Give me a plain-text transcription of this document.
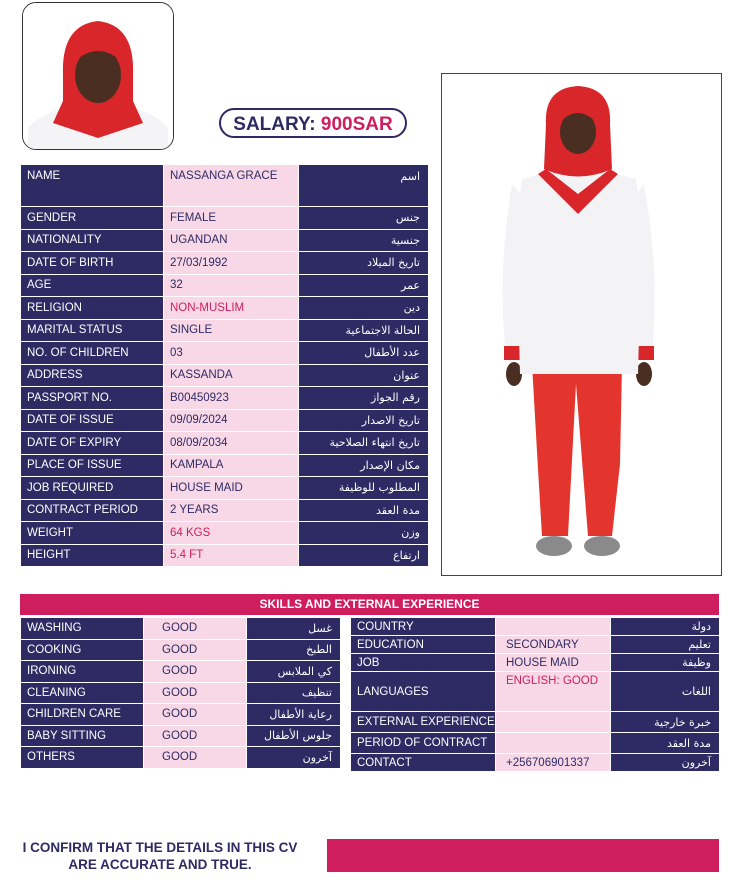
SALARY: 900SAR
NAME	NASSANGA GRACE	اسم
GENDER	FEMALE	جنس
NATIONALITY	UGANDAN	جنسية
DATE OF BIRTH	27/03/1992	تاريخ الميلاد
AGE	32	عمر
RELIGION	NON-MUSLIM	دين
MARITAL STATUS	SINGLE	الحالة الاجتماعية
NO. OF CHILDREN	03	عدد الأطفال
ADDRESS	KASSANDA	عنوان
PASSPORT NO.	B00450923	رقم الجواز
DATE OF ISSUE	09/09/2024	تاريخ الاصدار
DATE OF EXPIRY	08/09/2034	تاريخ انتهاء الصلاحية
PLACE OF ISSUE	KAMPALA	مكان الإصدار
JOB REQUIRED	HOUSE MAID	المطلوب للوظيفة
CONTRACT PERIOD	2 YEARS	مدة العقد
WEIGHT	64 KGS	وزن
HEIGHT	5.4 FT	ارتفاع
SKILLS AND EXTERNAL EXPERIENCE
WASHING	GOOD	غسل
COOKING	GOOD	الطبخ
IRONING	GOOD	كي الملابس
CLEANING	GOOD	تنظيف
CHILDREN CARE	GOOD	رعاية الأطفال
BABY SITTING	GOOD	جلوس الأطفال
OTHERS	GOOD	آخرون
COUNTRY		دولة
EDUCATION	SECONDARY	تعليم
JOB	HOUSE MAID	وظيفة
LANGUAGES	ENGLISH: GOOD	اللغات
EXTERNAL EXPERIENCE		خبرة خارجية
PERIOD OF CONTRACT		مدة العقد
CONTACT	+256706901337	آخرون
I CONFIRM THAT THE DETAILS IN THIS CV ARE ACCURATE AND TRUE.
